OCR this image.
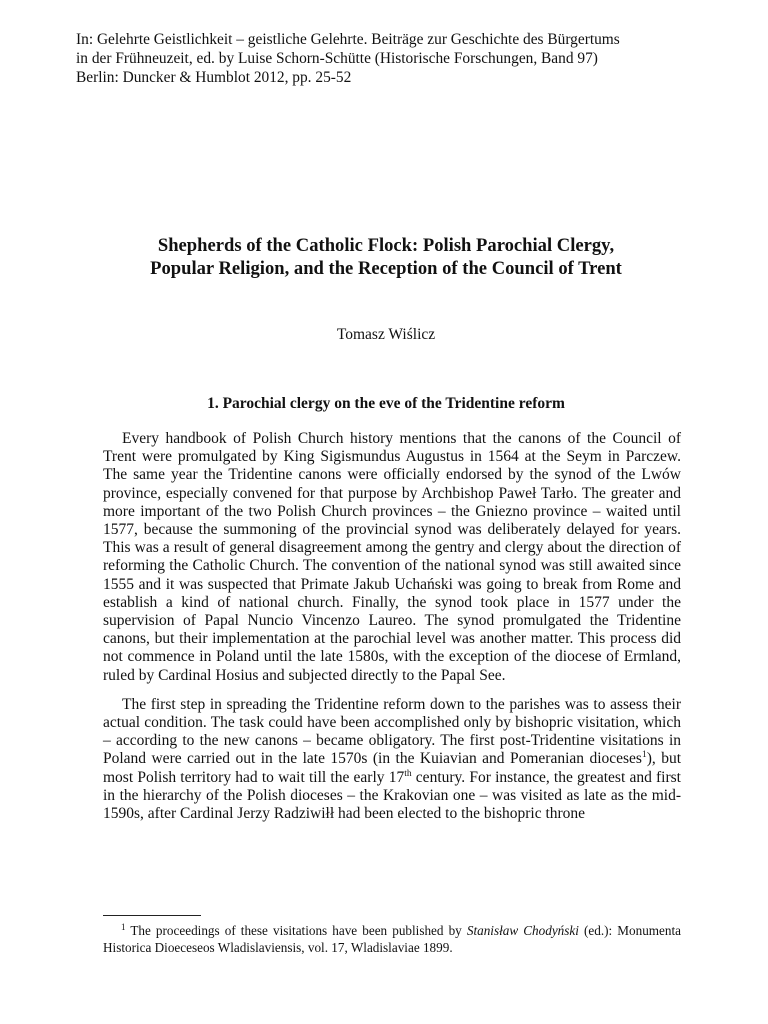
In: Gelehrte Geistlichkeit – geistliche Gelehrte. Beiträge zur Geschichte des Bürgertums
in der Frühneuzeit, ed. by Luise Schorn-Schütte (Historische Forschungen, Band 97)
Berlin: Duncker & Humblot 2012, pp. 25-52
Shepherds of the Catholic Flock: Polish Parochial Clergy,
Popular Religion, and the Reception of the Council of Trent
Tomasz Wiślicz
1. Parochial clergy on the eve of the Tridentine reform

Every handbook of Polish Church history mentions that the canons of the Council of Trent were promulgated by King Sigismundus Augustus in 1564 at the Seym in Parczew. The same year the Tridentine canons were officially endorsed by the synod of the Lwów province, especially convened for that purpose by Archbishop Paweł Tarło. The greater and more important of the two Polish Church provinces – the Gniezno province – waited until 1577, because the summoning of the provincial synod was deliberately delayed for years. This was a result of general disagreement among the gentry and clergy about the direction of reforming the Catholic Church. The convention of the national synod was still awaited since 1555 and it was suspected that Primate Jakub Uchański was going to break from Rome and establish a kind of national church. Finally, the synod took place in 1577 under the supervision of Papal Nuncio Vincenzo Laureo. The synod promulgated the Tridentine canons, but their implementation at the parochial level was another matter. This process did not commence in Poland until the late 1580s, with the exception of the diocese of Ermland, ruled by Cardinal Hosius and subjected directly to the Papal See.

The first step in spreading the Tridentine reform down to the parishes was to assess their actual condition. The task could have been accomplished only by bishopric visitation, which – according to the new canons – became obligatory. The first post-Tridentine visitations in Poland were carried out in the late 1570s (in the Kuiavian and Pomeranian dioceses$^1$), but most Polish territory had to wait till the early 17th century. For instance, the greatest and first in the hierarchy of the Polish dioceses – the Krakovian one – was visited as late as the mid-1590s, after Cardinal Jerzy Radziwiłł had been elected to the bishopric throne

$^1$ The proceedings of these visitations have been published by Stanisław Chodyński (ed.): Monumenta Historica Dioeceseos Wladislaviensis, vol. 17, Wladislaviae 1899.
